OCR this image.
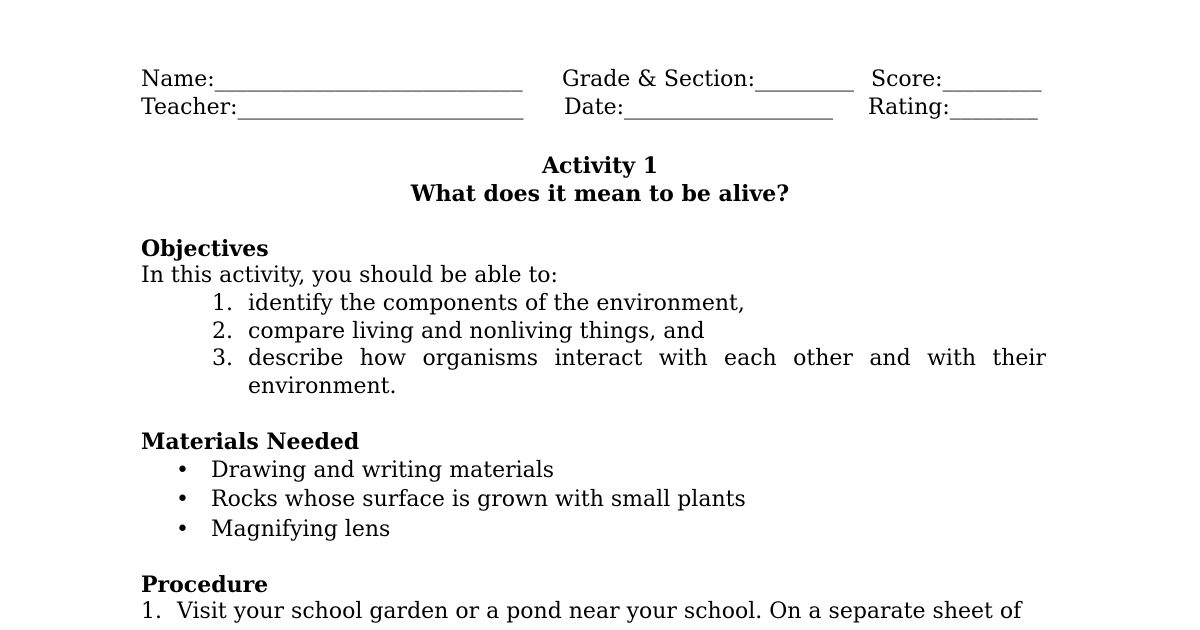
Name:____________________________ Grade & Section:_________ Score:_________
Teacher:__________________________ Date:___________________ Rating:________
Activity 1
What does it mean to be alive?
Objectives
In this activity, you should be able to:
1. identify the components of the environment,
2. compare living and nonliving things, and
3. describe how organisms interact with each other and with their
environment.
Materials Needed
• Drawing and writing materials
• Rocks whose surface is grown with small plants
• Magnifying lens
Procedure
1. Visit your school garden or a pond near your school. On a separate sheet of
